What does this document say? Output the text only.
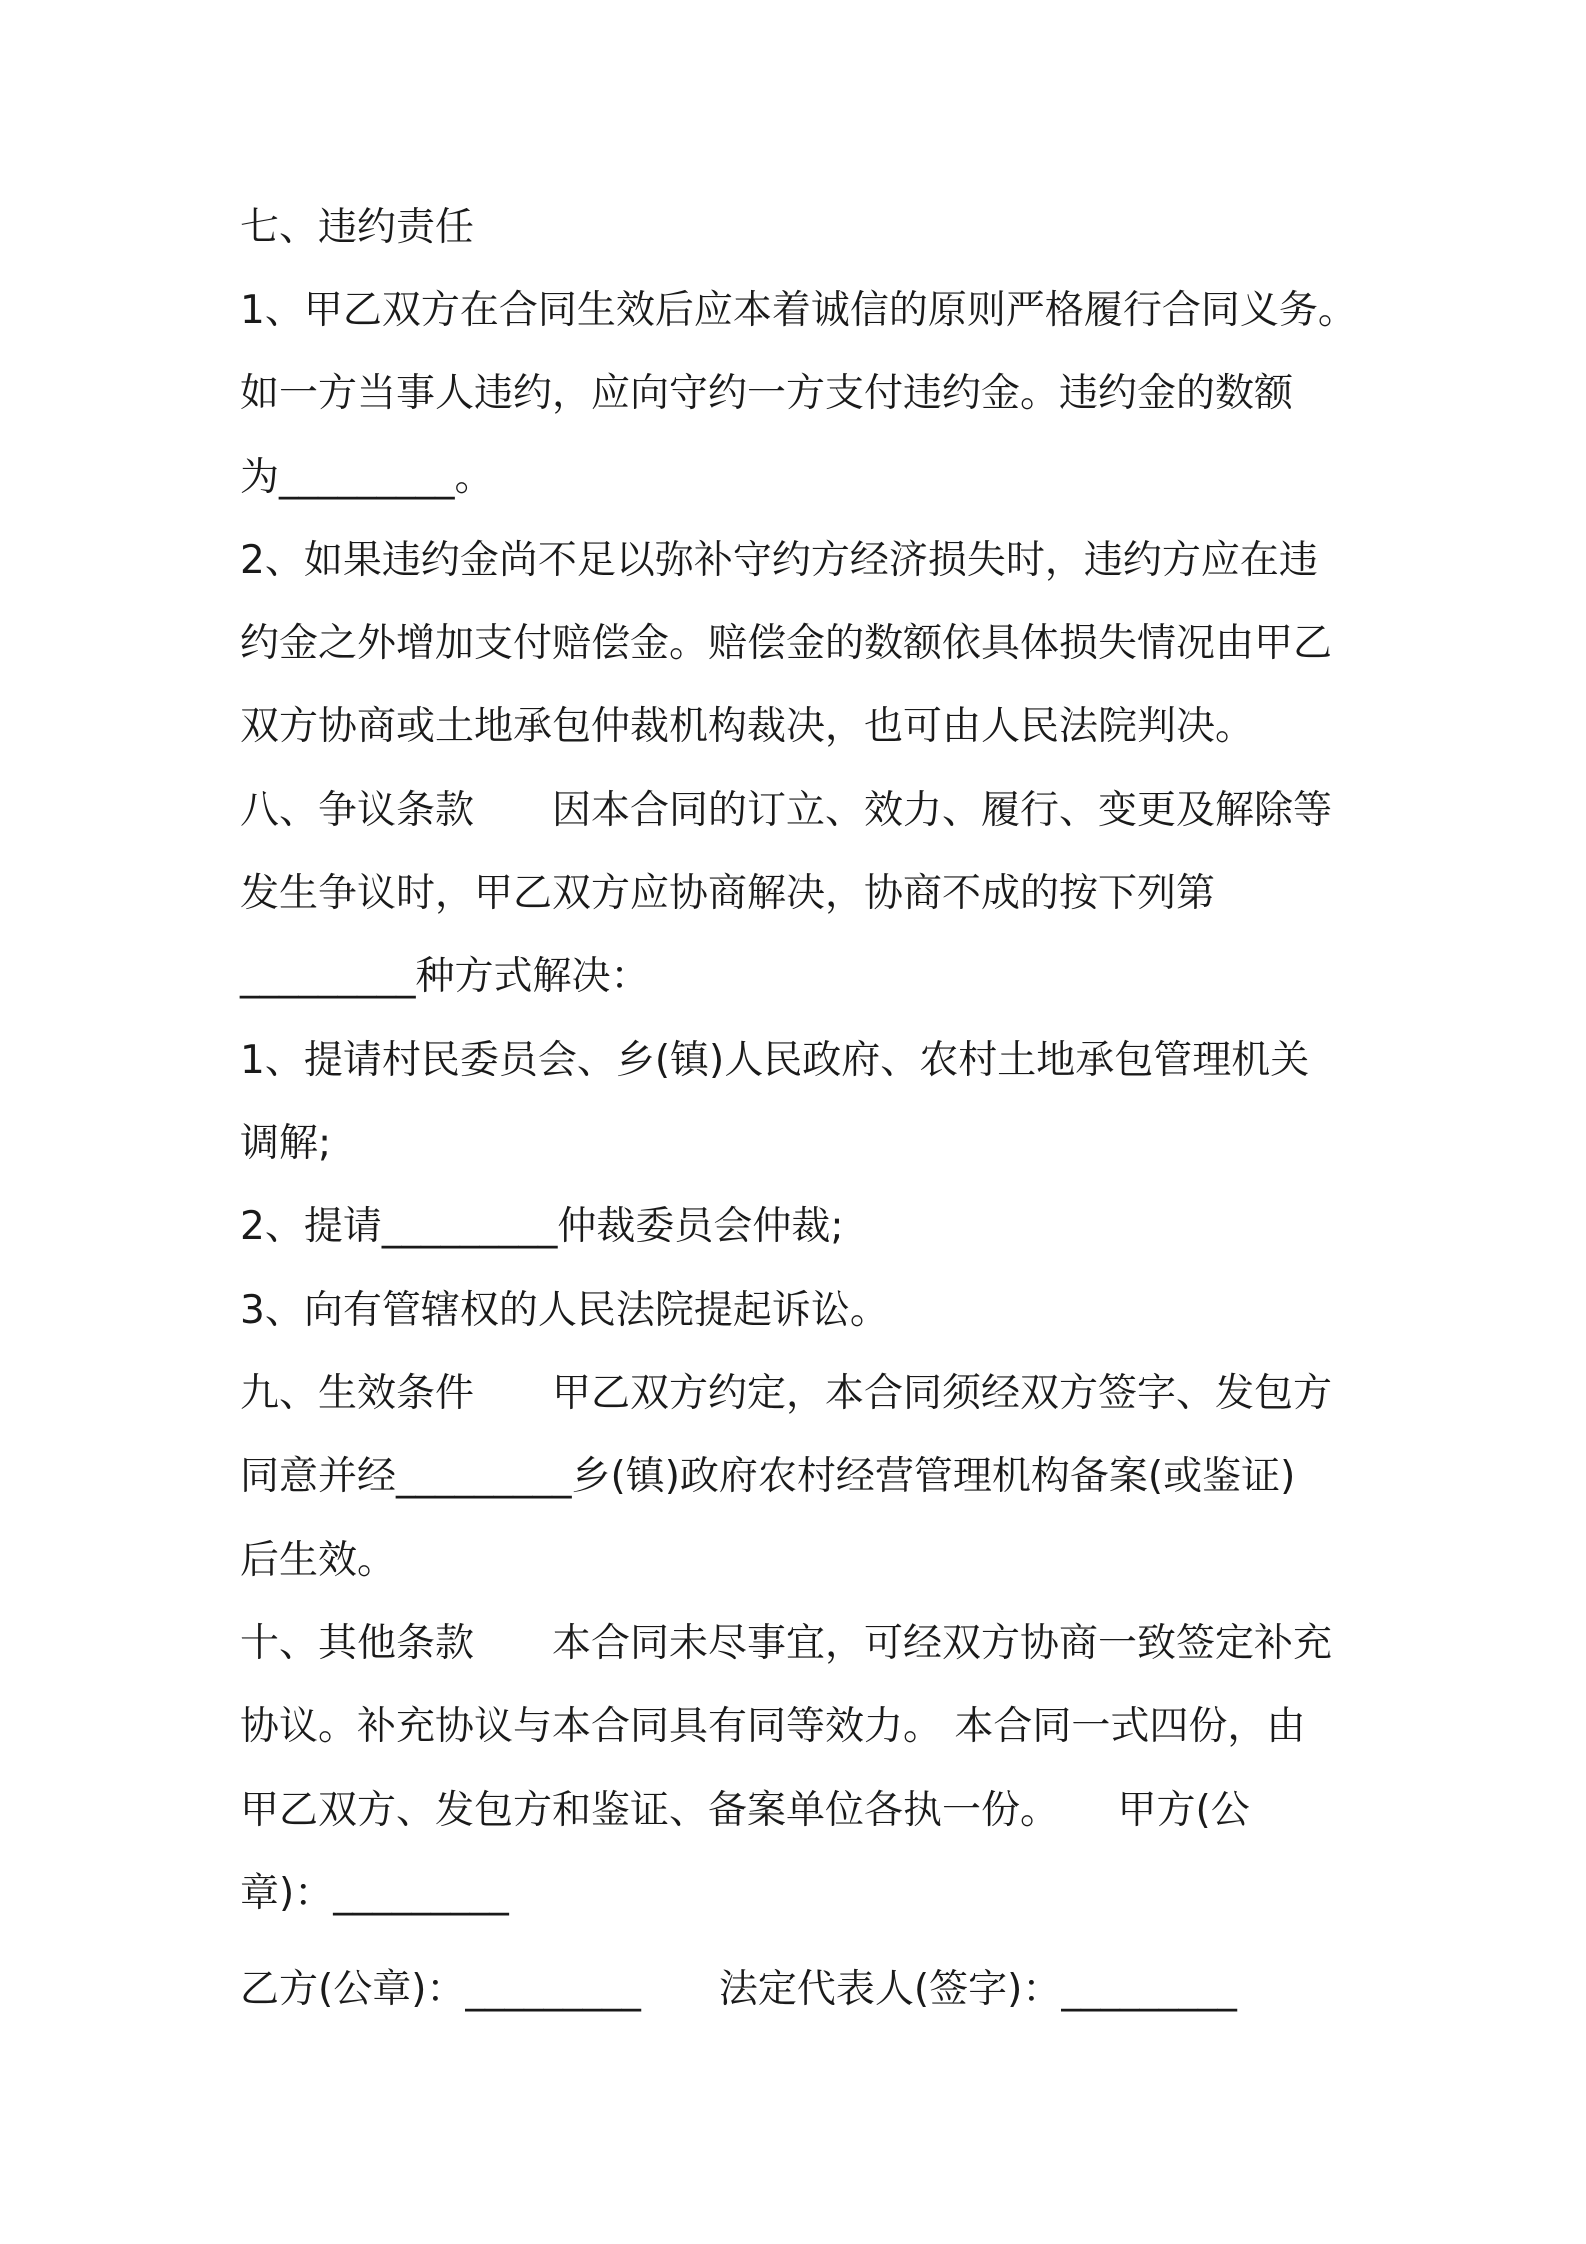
七、违约责任
1、甲乙双方在合同生效后应本着诚信的原则严格履行合同义务。
如一方当事人违约，应向守约一方支付违约金。违约金的数额
为_________。
2、如果违约金尚不足以弥补守约方经济损失时，违约方应在违
约金之外增加支付赔偿金。赔偿金的数额依具体损失情况由甲乙
双方协商或土地承包仲裁机构裁决，也可由人民法院判决。
八、争议条款　　因本合同的订立、效力、履行、变更及解除等
发生争议时，甲乙双方应协商解决，协商不成的按下列第
_________种方式解决：
1、提请村民委员会、乡(镇)人民政府、农村土地承包管理机关
调解;
2、提请_________仲裁委员会仲裁;
3、向有管辖权的人民法院提起诉讼。
九、生效条件　　甲乙双方约定，本合同须经双方签字、发包方
同意并经_________乡(镇)政府农村经营管理机构备案(或鉴证)
后生效。
十、其他条款　　本合同未尽事宜，可经双方协商一致签定补充
协议。补充协议与本合同具有同等效力。 本合同一式四份，由
甲乙双方、发包方和鉴证、备案单位各执一份。　　甲方(公
章)：_________
乙方(公章)：_________　　法定代表人(签字)：_________
